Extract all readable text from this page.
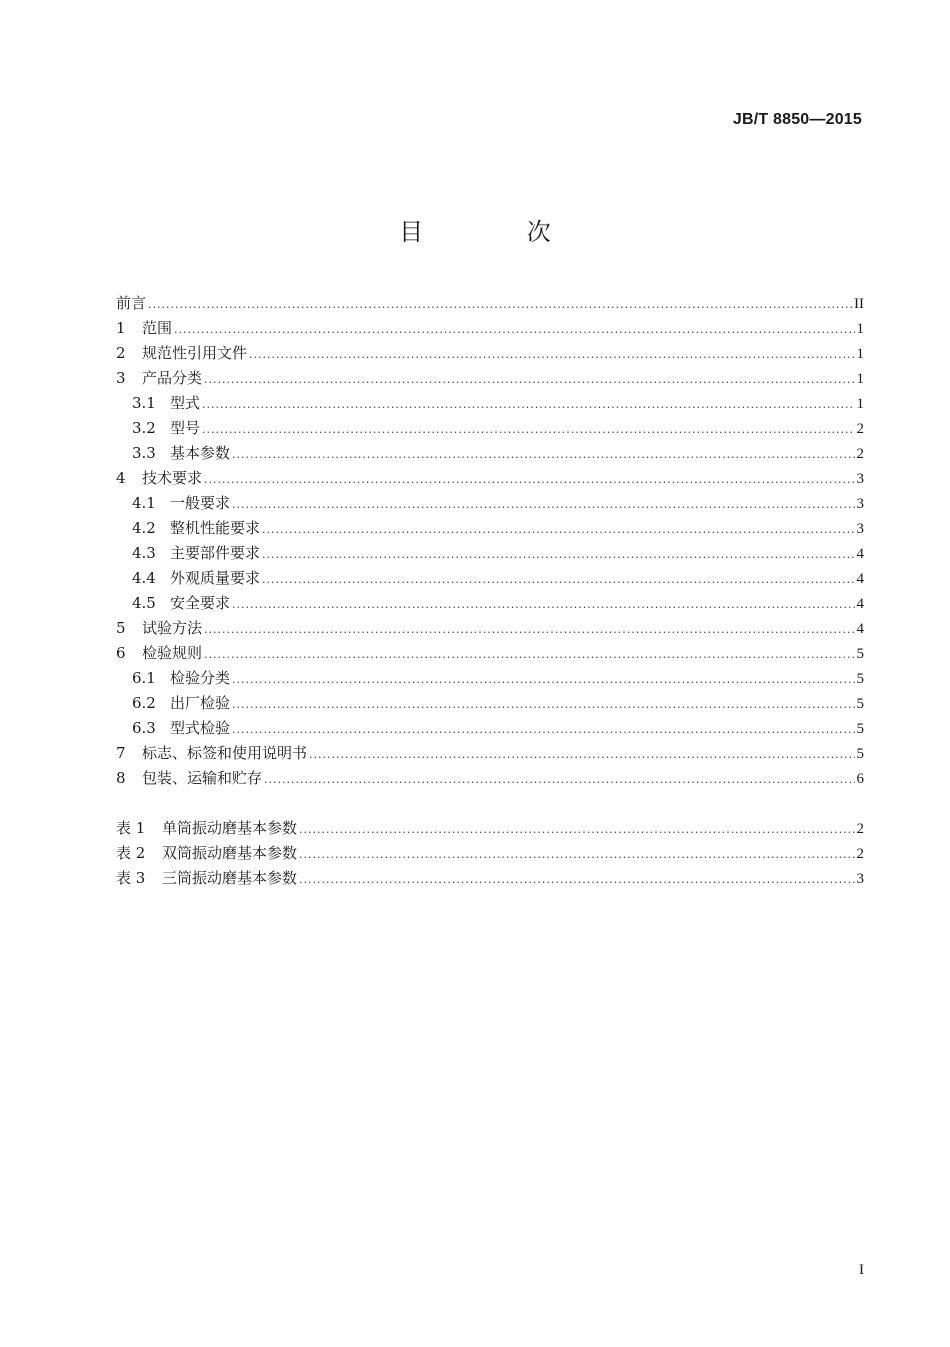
JB/T 8850—2015
目 次
前言 .....	II
1	范围 .....	1
2	规范性引用文件 .....	1
3	产品分类 .....	1
3.1 型式 .....	1
3.2 型号 .....	2
3.3 基本参数 .....	2
4	技术要求 .....	3
4.1 一般要求 .....	3
4.2 整机性能要求 .....	3
4.3 主要部件要求 .....	4
4.4 外观质量要求 .....	4
4.5 安全要求 .....	4
5	试验方法 .....	4
6	检验规则 .....	5
6.1 检验分类 .....	5
6.2 出厂检验 .....	5
6.3 型式检验 .....	5
7	标志、标签和使用说明书 .....	5
8	包装、运输和贮存 .....	6
表 1	单筒振动磨基本参数 .....	2
表 2	双筒振动磨基本参数 .....	2
表 3	三筒振动磨基本参数 .....	3
I
